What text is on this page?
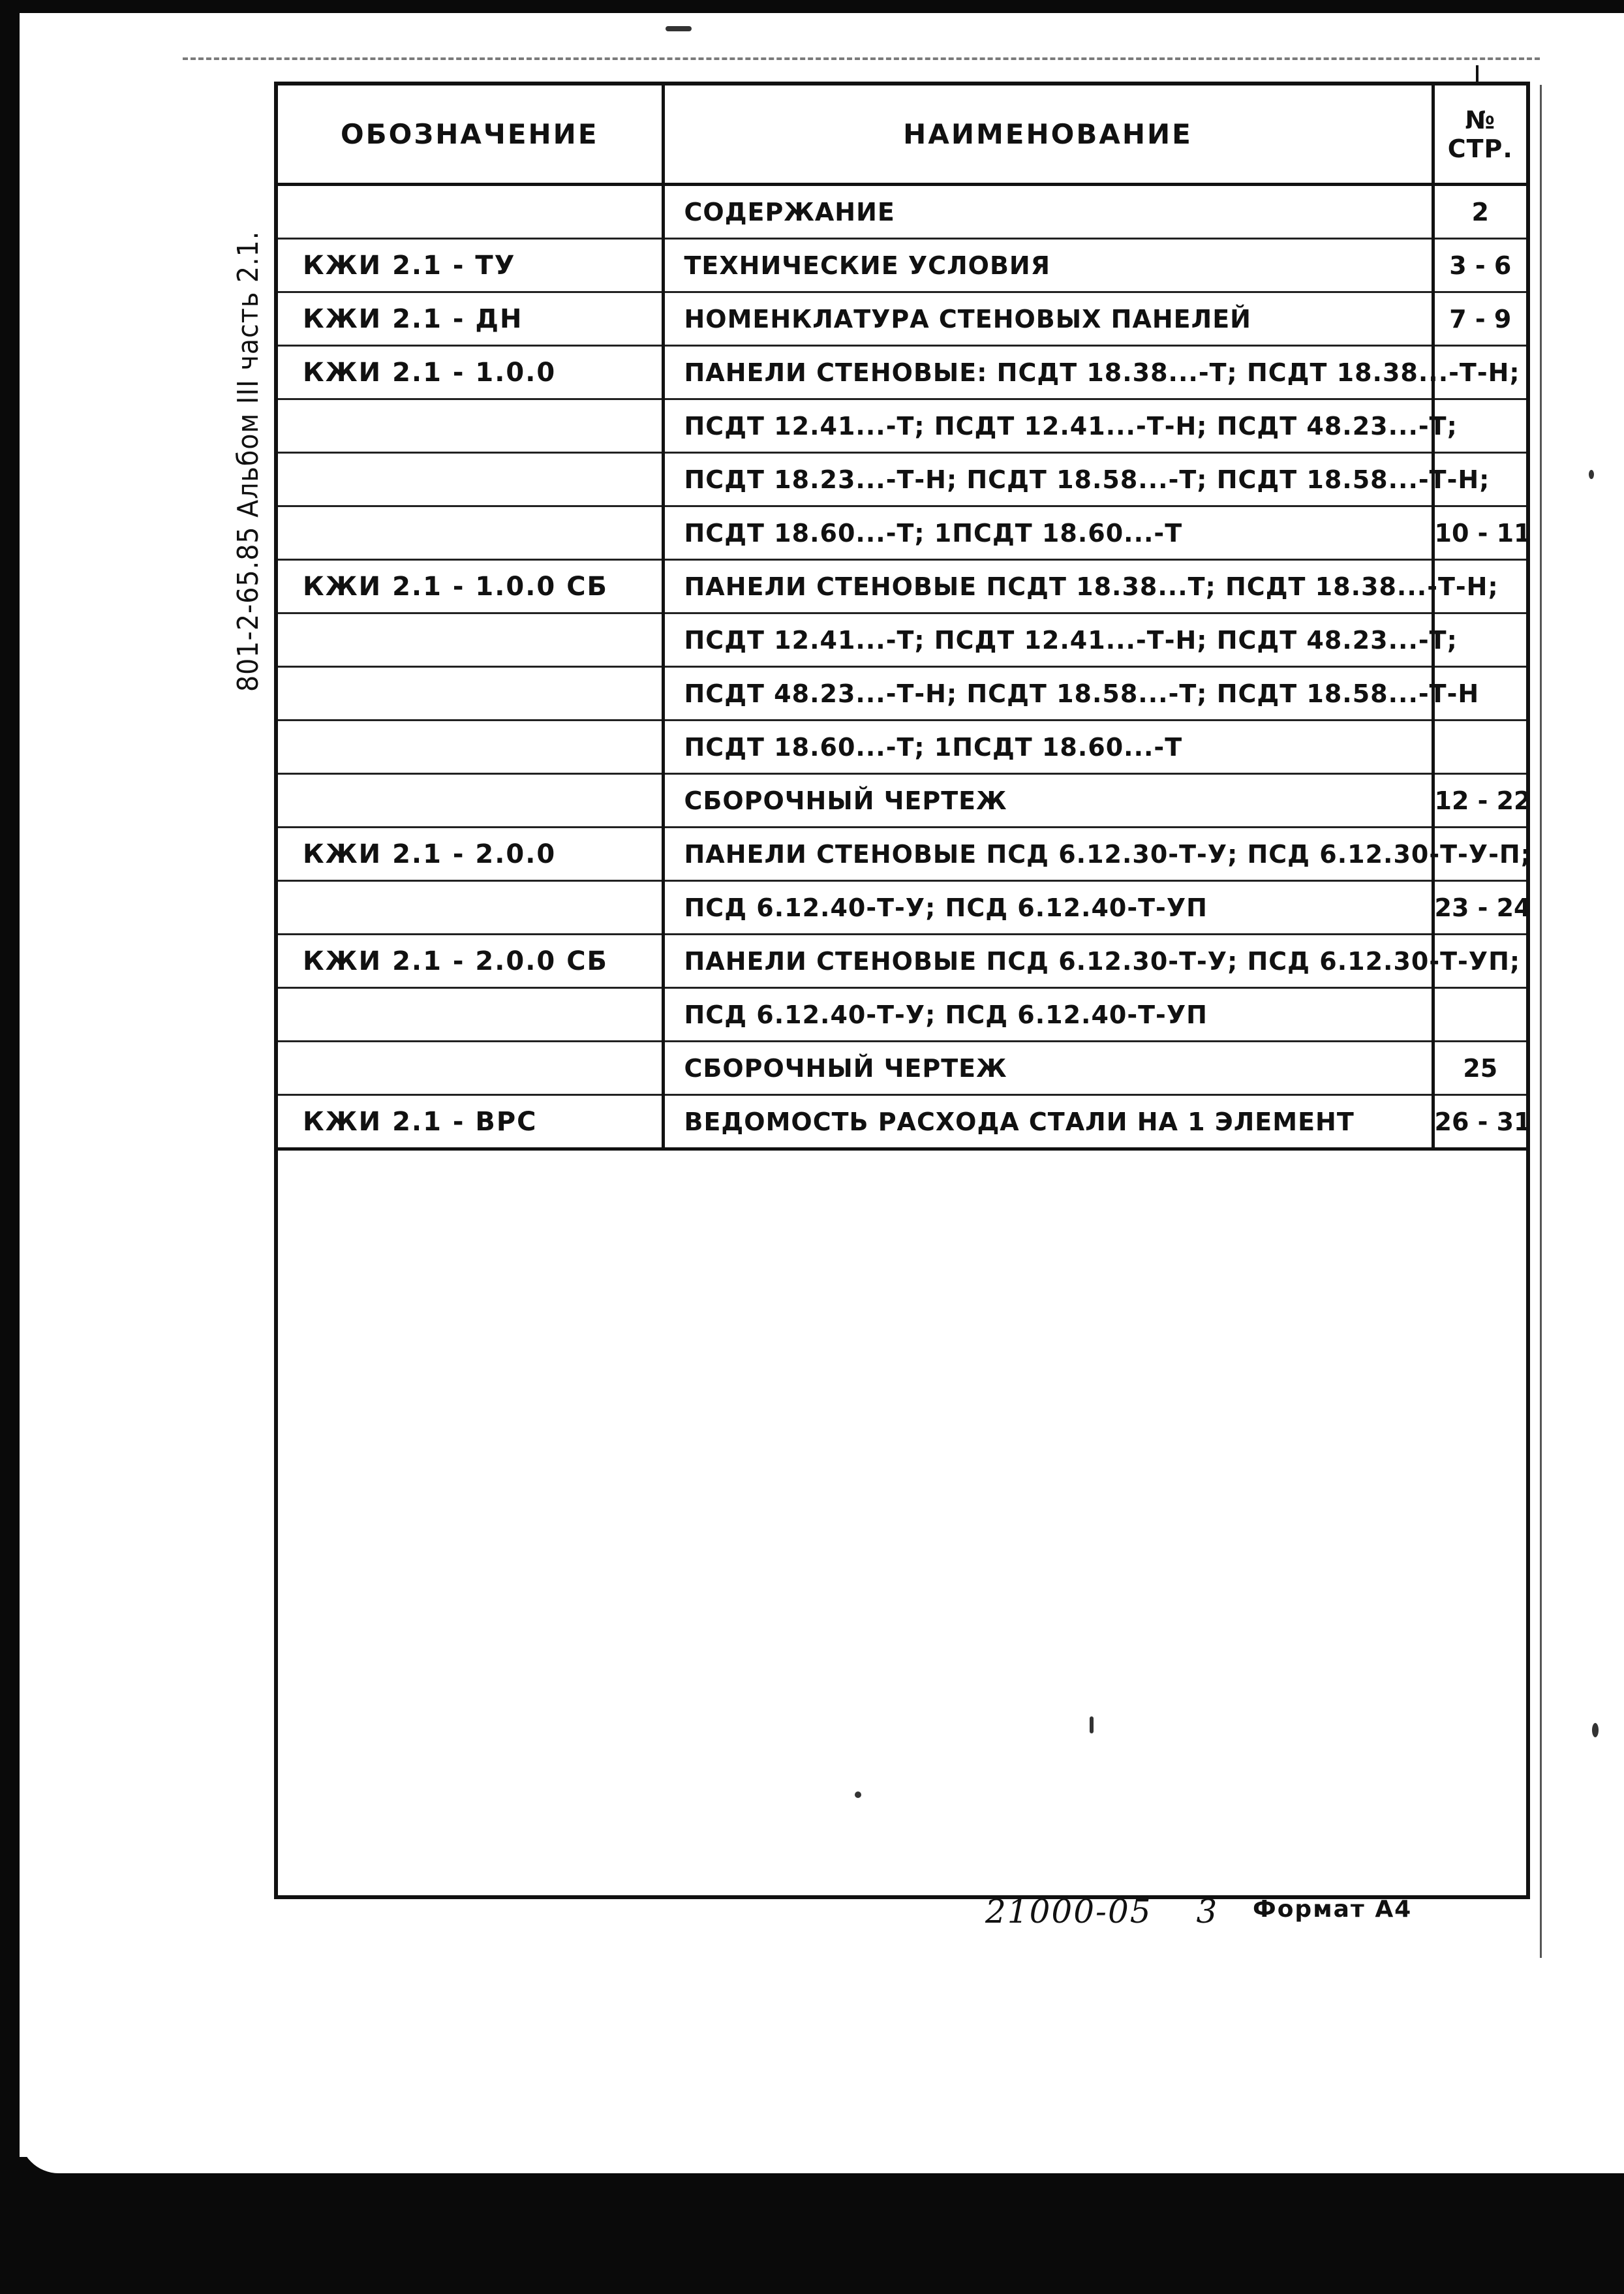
801-2-65.85 Альбом III часть 2.1.
ОБОЗНАЧЕНИЕ	НАИМЕНОВАНИЕ	№ СТР.
	СОДЕРЖАНИЕ	2
КЖИ 2.1 - ТУ	ТЕХНИЧЕСКИЕ УСЛОВИЯ	3 - 6
КЖИ 2.1 - ДН	НОМЕНКЛАТУРА СТЕНОВЫХ ПАНЕЛЕЙ	7 - 9
КЖИ 2.1 - 1.0.0	ПАНЕЛИ СТЕНОВЫЕ: ПСДТ 18.38...-Т; ПСДТ 18.38...-Т-Н;	
	ПСДТ 12.41...-Т; ПСДТ 12.41...-Т-Н; ПСДТ 48.23...-Т;	
	ПСДТ 18.23...-Т-Н; ПСДТ 18.58...-Т; ПСДТ 18.58...-Т-Н;	
	ПСДТ 18.60...-Т; 1ПСДТ 18.60...-Т	10 - 11
КЖИ 2.1 - 1.0.0 СБ	ПАНЕЛИ СТЕНОВЫЕ ПСДТ 18.38...Т; ПСДТ 18.38...-Т-Н;	
	ПСДТ 12.41...-Т; ПСДТ 12.41...-Т-Н; ПСДТ 48.23...-Т;	
	ПСДТ 48.23...-Т-Н; ПСДТ 18.58...-Т; ПСДТ 18.58...-Т-Н	
	ПСДТ 18.60...-Т; 1ПСДТ 18.60...-Т	
	СБОРОЧНЫЙ ЧЕРТЕЖ	12 - 22
КЖИ 2.1 - 2.0.0	ПАНЕЛИ СТЕНОВЫЕ ПСД 6.12.30-Т-У; ПСД 6.12.30-Т-У-П;	
	ПСД 6.12.40-Т-У; ПСД 6.12.40-Т-УП	23 - 24
КЖИ 2.1 - 2.0.0 СБ	ПАНЕЛИ СТЕНОВЫЕ ПСД 6.12.30-Т-У; ПСД 6.12.30-Т-УП;	
	ПСД 6.12.40-Т-У; ПСД 6.12.40-Т-УП	
	СБОРОЧНЫЙ ЧЕРТЕЖ	25
КЖИ 2.1 - ВРС	ВЕДОМОСТЬ РАСХОДА СТАЛИ НА 1 ЭЛЕМЕНТ	26 - 31
21000-05 3 Формат А4
